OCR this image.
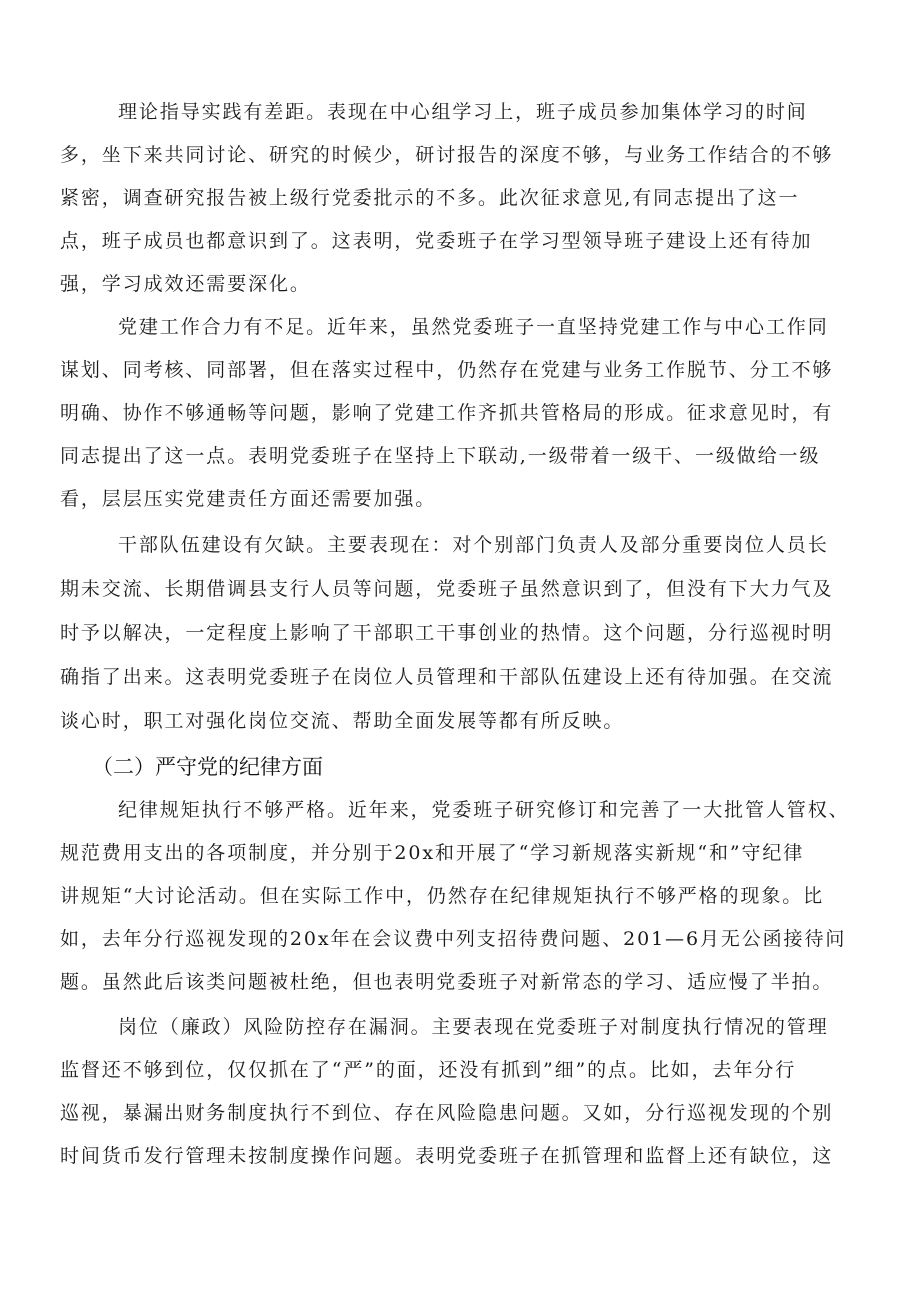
理论指导实践有差距。表现在中心组学习上，班子成员参加集体学习的时间

多，坐下来共同讨论、研究的时候少，研讨报告的深度不够，与业务工作结合的不够

紧密，调查研究报告被上级行党委批示的不多。此次征求意见,有同志提出了这一

点，班子成员也都意识到了。这表明，党委班子在学习型领导班子建设上还有待加

强，学习成效还需要深化。

党建工作合力有不足。近年来，虽然党委班子一直坚持党建工作与中心工作同

谋划、同考核、同部署，但在落实过程中，仍然存在党建与业务工作脱节、分工不够

明确、协作不够通畅等问题，影响了党建工作齐抓共管格局的形成。征求意见时，有

同志提出了这一点。表明党委班子在坚持上下联动,一级带着一级干、一级做给一级

看，层层压实党建责任方面还需要加强。

干部队伍建设有欠缺。主要表现在：对个别部门负责人及部分重要岗位人员长

期未交流、长期借调县支行人员等问题，党委班子虽然意识到了，但没有下大力气及

时予以解决，一定程度上影响了干部职工干事创业的热情。这个问题，分行巡视时明

确指了出来。这表明党委班子在岗位人员管理和干部队伍建设上还有待加强。在交流

谈心时，职工对强化岗位交流、帮助全面发展等都有所反映。

（二）严守党的纪律方面

纪律规矩执行不够严格。近年来，党委班子研究修订和完善了一大批管人管权、

规范费用支出的各项制度，并分别于20x和开展了“学习新规落实新规“和”守纪律

讲规矩“大讨论活动。但在实际工作中，仍然存在纪律规矩执行不够严格的现象。比

如，去年分行巡视发现的20x年在会议费中列支招待费问题、201—6月无公函接待问

题。虽然此后该类问题被杜绝，但也表明党委班子对新常态的学习、适应慢了半拍。

岗位（廉政）风险防控存在漏洞。主要表现在党委班子对制度执行情况的管理

监督还不够到位，仅仅抓在了“严”的面，还没有抓到”细”的点。比如，去年分行

巡视，暴漏出财务制度执行不到位、存在风险隐患问题。又如，分行巡视发现的个别

时间货币发行管理未按制度操作问题。表明党委班子在抓管理和监督上还有缺位，这
